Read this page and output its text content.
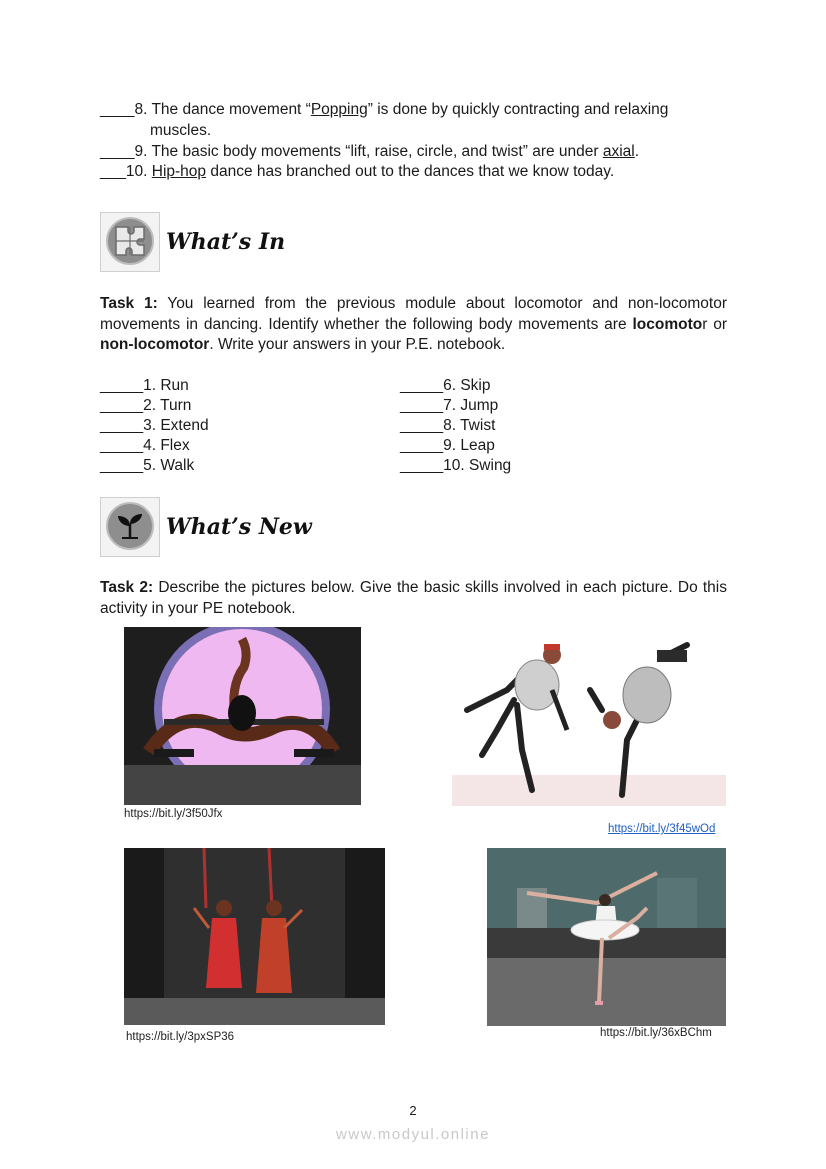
____8. The dance movement “Popping” is done by quickly contracting and relaxing
muscles.
____9. The basic body movements “lift, raise, circle, and twist” are under axial.
___10. Hip-hop dance has branched out to the dances that we know today.
What’s In
Task 1: You learned from the previous module about locomotor and non-locomotor movements in dancing. Identify whether the following body movements are locomotor or non-locomotor. Write your answers in your P.E. notebook.
_____1. Run
_____2. Turn
_____3. Extend
_____4. Flex
_____5. Walk
_____6. Skip
_____7. Jump
_____8. Twist
_____9. Leap
_____10. Swing
What’s New
Task 2: Describe the pictures below. Give the basic skills involved in each picture. Do this activity in your PE notebook.
https://bit.ly/3f50Jfx
https://bit.ly/3f45wOd
https://bit.ly/3pxSP36	https://bit.ly/36xBChm
2
www.modyul.online
